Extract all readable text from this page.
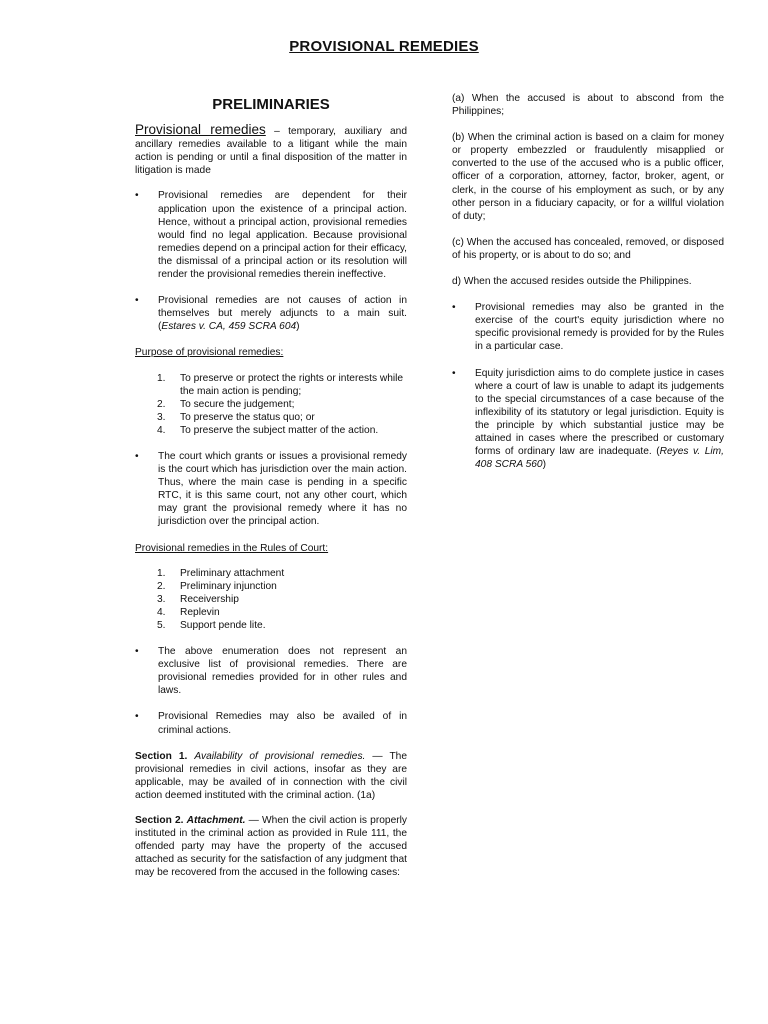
PROVISIONAL REMEDIES
PRELIMINARIES

Provisional remedies – temporary, auxiliary and ancillary remedies available to a litigant while the main action is pending or until a final disposition of the matter in litigation is made

• Provisional remedies are dependent for their application upon the existence of a principal action. Hence, without a principal action, provisional remedies would find no legal application. Because provisional remedies depend on a principal action for their efficacy, the dismissal of a principal action or its resolution will render the provisional remedies therein ineffective.
• Provisional remedies are not causes of action in themselves but merely adjuncts to a main suit. (Estares v. CA, 459 SCRA 604)
Purpose of provisional remedies:
1. To preserve or protect the rights or interests while the main action is pending;
2. To secure the judgement;
3. To preserve the status quo; or
4. To preserve the subject matter of the action.
• The court which grants or issues a provisional remedy is the court which has jurisdiction over the main action. Thus, where the main case is pending in a specific RTC, it is this same court, not any other court, which may grant the provisional remedy where it has no jurisdiction over the principal action.
Provisional remedies in the Rules of Court:
1. Preliminary attachment
2. Preliminary injunction
3. Receivership
4. Replevin
5. Support pende lite.
• The above enumeration does not represent an exclusive list of provisional remedies. There are provisional remedies provided for in other rules and laws.
• Provisional Remedies may also be availed of in criminal actions.

Section 1. Availability of provisional remedies. — The provisional remedies in civil actions, insofar as they are applicable, may be availed of in connection with the civil action deemed instituted with the criminal action. (1a)

Section 2. Attachment. — When the civil action is properly instituted in the criminal action as provided in Rule 111, the offended party may have the property of the accused attached as security for the satisfaction of any judgment that may be recovered from the accused in the following cases:

(a) When the accused is about to abscond from the Philippines;

(b) When the criminal action is based on a claim for money or property embezzled or fraudulently misapplied or converted to the use of the accused who is a public officer, officer of a corporation, attorney, factor, broker, agent, or clerk, in the course of his employment as such, or by any other person in a fiduciary capacity, or for a willful violation of duty;

(c) When the accused has concealed, removed, or disposed of his property, or is about to do so; and

d) When the accused resides outside the Philippines.

• Provisional remedies may also be granted in the exercise of the court's equity jurisdiction where no specific provisional remedy is provided for by the Rules in a particular case.
• Equity jurisdiction aims to do complete justice in cases where a court of law is unable to adapt its judgements to the special circumstances of a case because of the inflexibility of its statutory or legal jurisdiction. Equity is the principle by which substantial justice may be attained in cases where the prescribed or customary forms of ordinary law are inadequate. (Reyes v. Lim, 408 SCRA 560)
